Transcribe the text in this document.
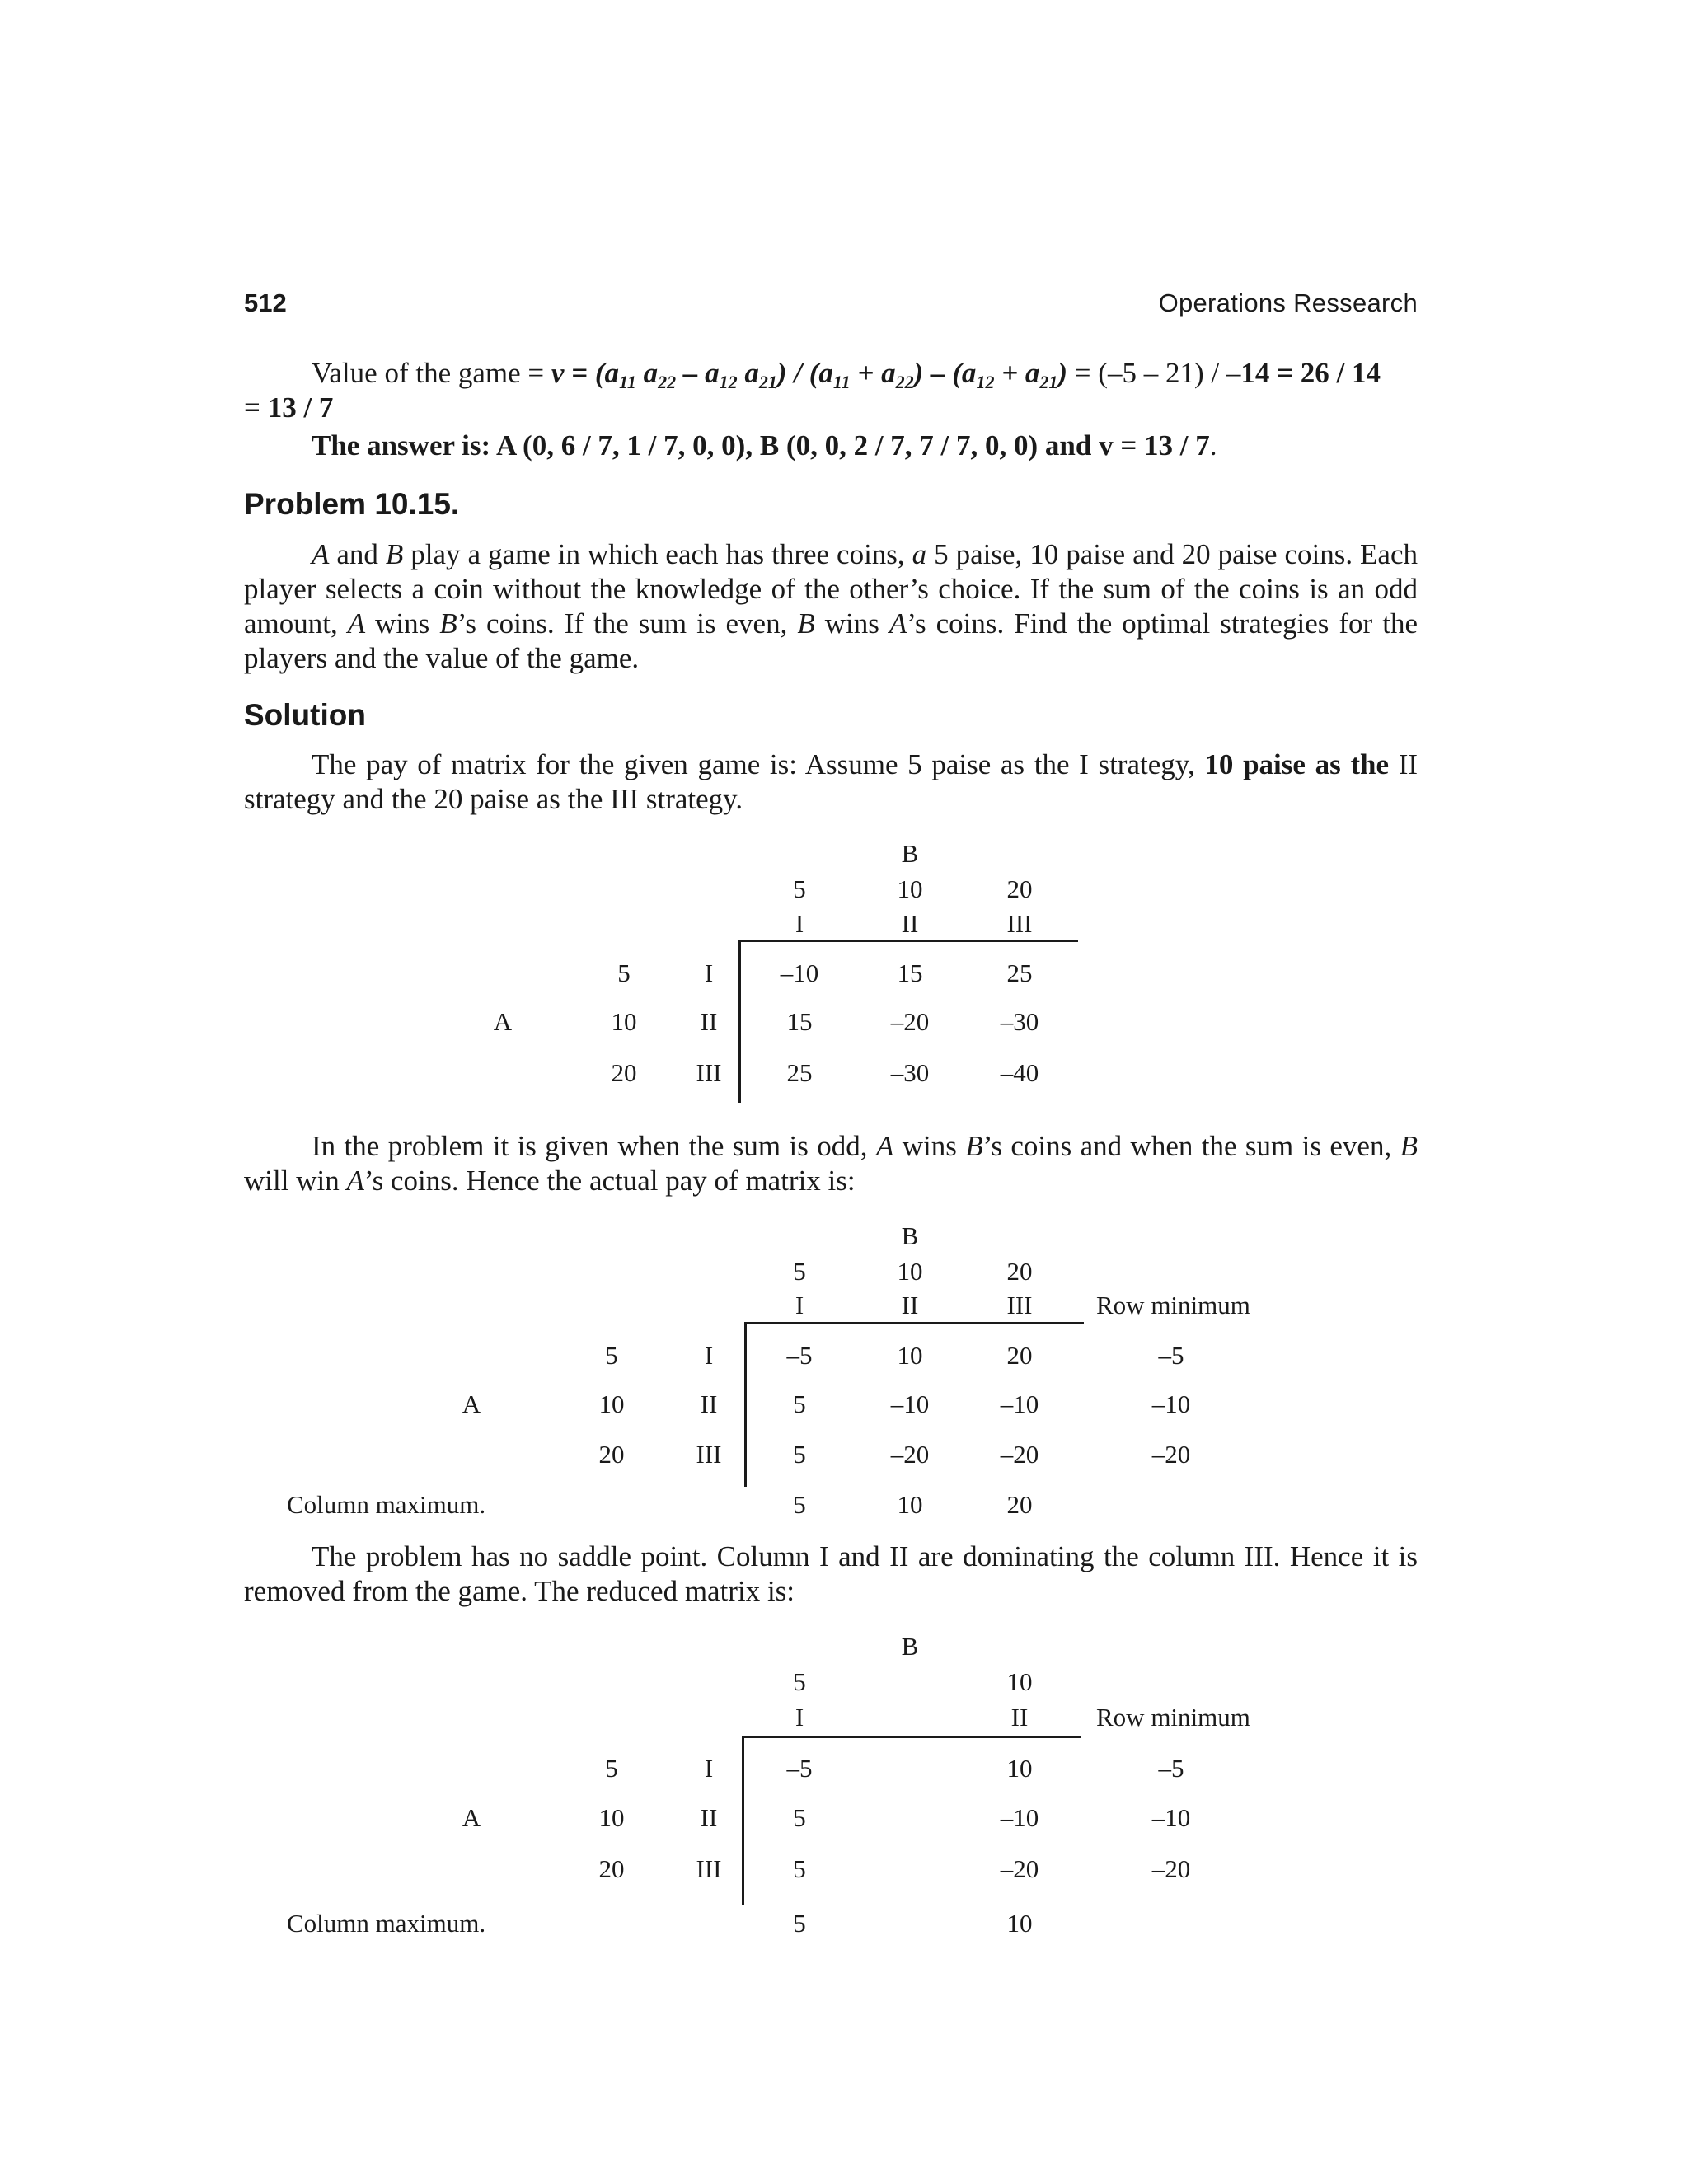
512	Operations Ressearch
Value of the game = $v = (a_{11}$ $a_{22} - a_{12}$ $a_{21}) / (a_{11} + a_{22}) - (a_{12} + a_{21}) = (-5 - 21) / -14 = 26 / 14$
= 13 / 7
The answer is: A (0, 6 / 7, 1 / 7, 0, 0), B (0, 0, 2 / 7, 7 / 7, 0, 0) and v = 13 / 7.
Problem 10.15.
A and B play a game in which each has three coins, a 5 paise, 10 paise and 20 paise coins. Each player selects a coin without the knowledge of the other’s choice. If the sum of the coins is an odd amount, A wins B’s coins. If the sum is even, B wins A’s coins. Find the optimal strategies for the players and the value of the game.
Solution
The pay of matrix for the given game is: Assume 5 paise as the I strategy, 10 paise as the II strategy and the 20 paise as the III strategy.
B
5	10	20
I	II	III
A
5	I	–10	15	25
10 II	15	–20	–30
20 III	25	–30	–40
In the problem it is given when the sum is odd, A wins B’s coins and when the sum is even, B will win A’s coins. Hence the actual pay of matrix is:
B
5	10	20
I	II	III	Row minimum
A
5	I	–5	10	20	–5
10	II	5	–10	–10	–10
20	III	5	–20	–20	–20
Column maximum.	5	10	20
The problem has no saddle point. Column I and II are dominating the column III. Hence it is removed from the game. The reduced matrix is:
B
5	10
I	II	Row minimum
A
5	I	–5	10	–5
10	II	5	–10	–10
20	III	5	–20	–20
Column maximum.	5	10
